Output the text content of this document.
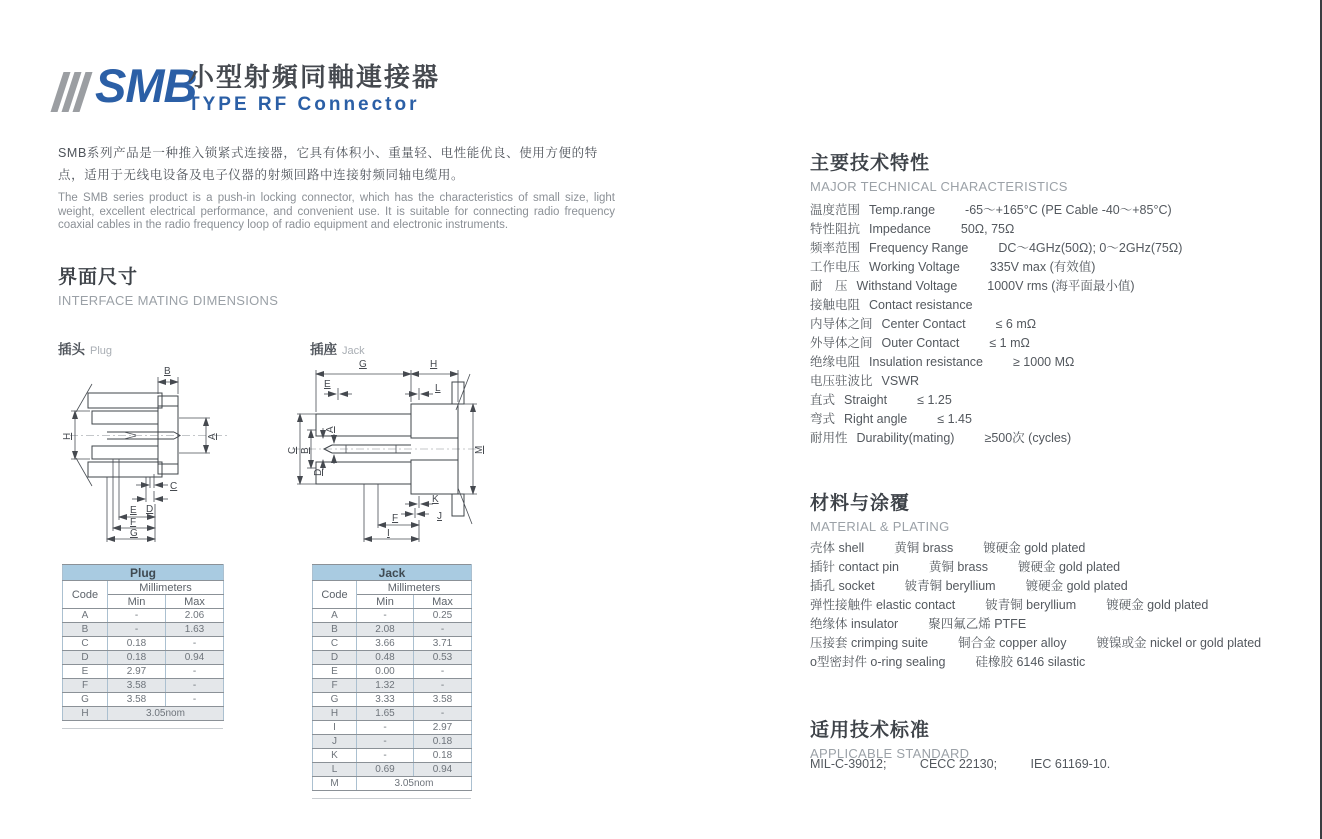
SMB
小型射頻同軸連接器
TYPE RF Connector
SMB系列产品是一种推入锁紧式连接器，它具有体积小、重量轻、电性能优良、使用方便的特点，适用于无线电设备及电子仪器的射频回路中连接射频同轴电缆用。
The SMB series product is a push-in locking connector, which has the characteristics of small size, light weight, excellent electrical performance, and convenient use. It is suitable for connecting radio frequency coaxial cables in the radio frequency loop of radio equipment and electronic instruments.
界面尺寸
INTERFACE MATING DIMENSIONS
插头 Plug	插座 Jack
B
H	A
C
D
E
F
G
G	H
E	L
C B
D
A
M
K
J
F
I
Plug		
Code	Millimeters	
	Min	Max
A	-	2.06
B	-	1.63
C	0.18	-
D	0.18	0.94
E	2.97	-
F	3.58	-
G	3.58	-
H	3.05nom	
Jack		
Code	Millimeters	
	Min	Max
A	-	0.25
B	2.08	-
C	3.66	3.71
D	0.48	0.53
E	0.00	-
F	1.32	-
G	3.33	3.58
H	1.65	-
I	-	2.97
J	-	0.18
K	-	0.18
L	0.69	0.94
M	3.05nom	
主要技术特性
MAJOR TECHNICAL CHARACTERISTICS
温度范围 Temp.range -65～+165°C (PE Cable -40～+85°C)
特性阻抗 Impedance 50Ω, 75Ω
频率范围 Frequency Range DC～4GHz(50Ω); 0～2GHz(75Ω)
工作电压 Working Voltage 335V max (有效值)
耐　压 Withstand Voltage 1000V rms (海平面最小值)
接触电阻 Contact resistance
内导体之间 Center Contact ≤ 6 mΩ
外导体之间 Outer Contact ≤ 1 mΩ
绝缘电阻 Insulation resistance ≥ 1000 MΩ
电压驻波比 VSWR
直式 Straight ≤ 1.25
弯式 Right angle ≤ 1.45
耐用性 Durability(mating) ≥500次 (cycles)
材料与涂覆
MATERIAL & PLATING
壳体 shell 黄铜 brass 镀硬金 gold plated
插针 contact pin 黄铜 brass 镀硬金 gold plated
插孔 socket 铍青铜 beryllium 镀硬金 gold plated
弹性接触件 elastic contact 铍青铜 beryllium 镀硬金 gold plated
绝缘体 insulator 聚四氟乙烯 PTFE
压接套 crimping suite 铜合金 copper alloy 镀镍或金 nickel or gold plated
o型密封件 o-ring sealing 硅橡胶 6146 silastic
适用技术标准
APPLICABLE STANDARD
MIL-C-39012;	CECC 22130;	IEC 61169-10.
